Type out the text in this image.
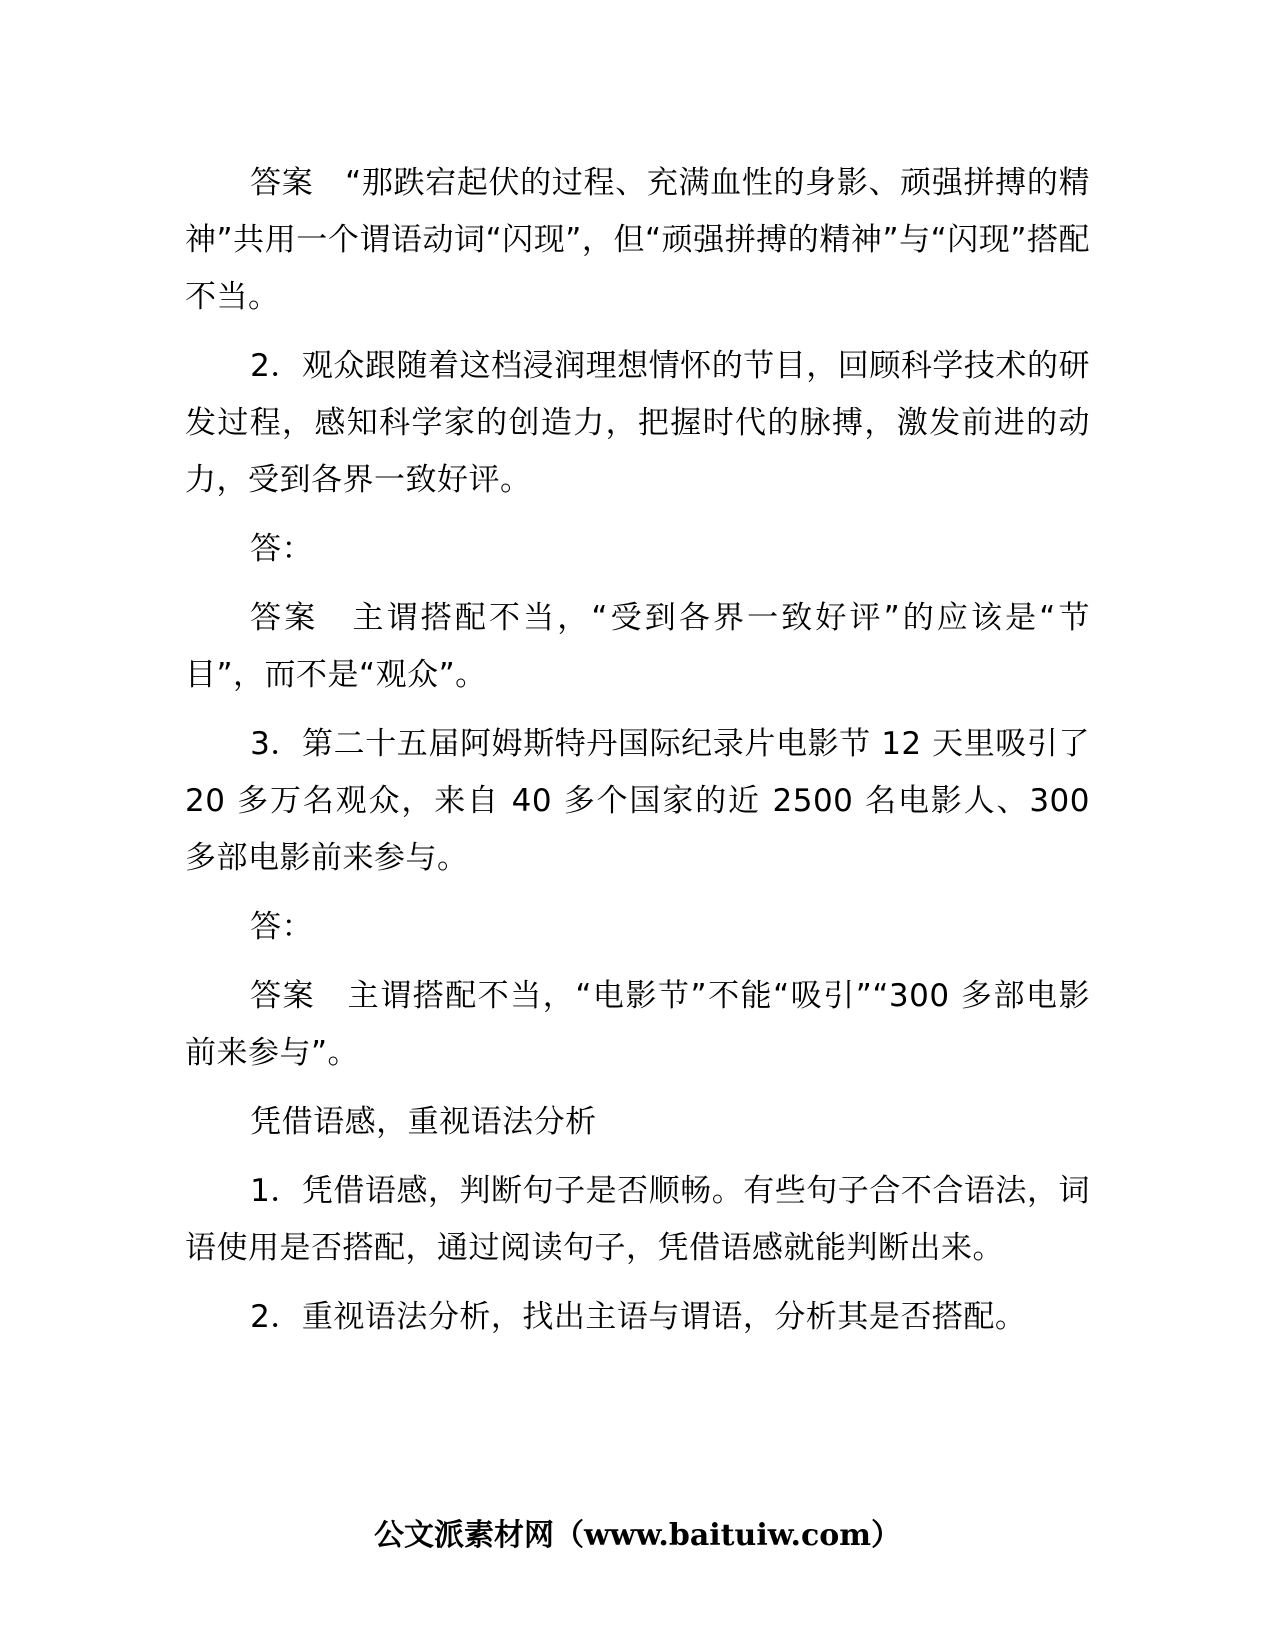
答案　“那跌宕起伏的过程、充满血性的身影、顽强拼搏的精神”共用一个谓语动词“闪现”，但“顽强拼搏的精神”与“闪现”搭配不当。

2．观众跟随着这档浸润理想情怀的节目，回顾科学技术的研发过程，感知科学家的创造力，把握时代的脉搏，激发前进的动力，受到各界一致好评。

答：

答案　主谓搭配不当，“受到各界一致好评”的应该是“节目”，而不是“观众”。

3．第二十五届阿姆斯特丹国际纪录片电影节 12 天里吸引了 20 多万名观众，来自 40 多个国家的近 2500 名电影人、300 多部电影前来参与。

答：

答案　主谓搭配不当，“电影节”不能“吸引”“300 多部电影前来参与”。

凭借语感，重视语法分析

1．凭借语感，判断句子是否顺畅。有些句子合不合语法，词语使用是否搭配，通过阅读句子，凭借语感就能判断出来。

2．重视语法分析，找出主语与谓语，分析其是否搭配。

公文派素材网（www.baituiw.com）
